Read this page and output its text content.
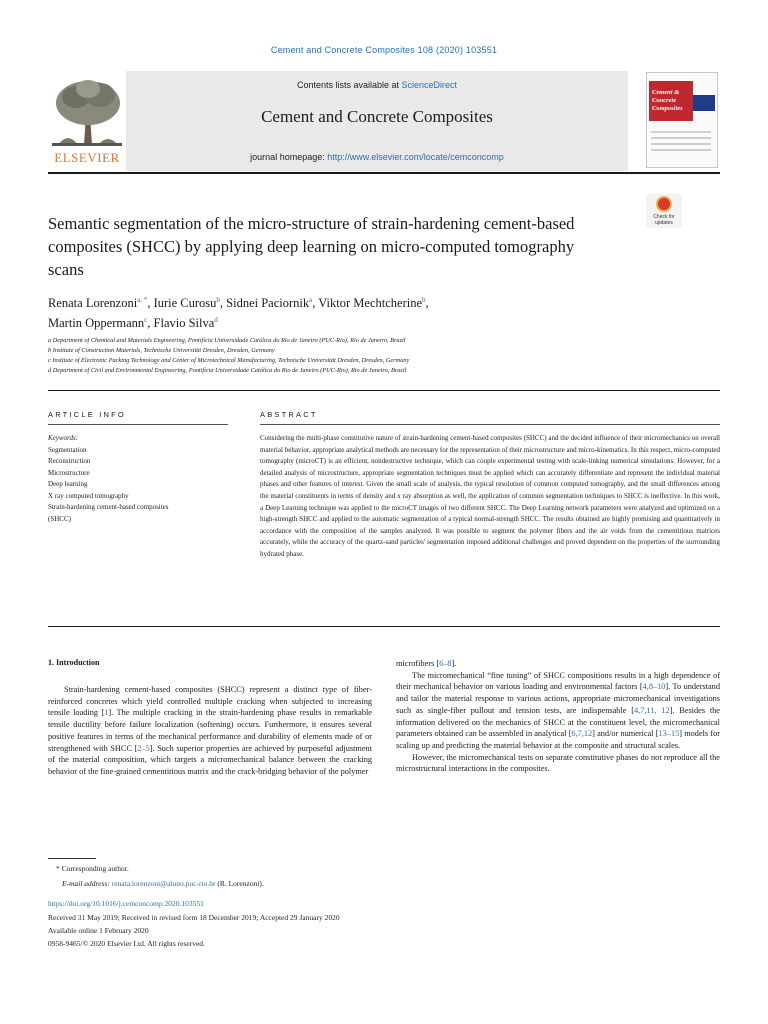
Cement and Concrete Composites 108 (2020) 103551
ELSEVIER
Contents lists available at ScienceDirect
Cement and Concrete Composites
journal homepage: http://www.elsevier.com/locate/cemconcomp
Cement &
Concrete
Composites
Check for
updates
Semantic segmentation of the micro-structure of strain-hardening cement-based composites (SHCC) by applying deep learning on micro-computed tomography scans
Renata Lorenzoni$^{a, *}$, Iurie Curosu$^b$, Sidnei Paciornik$^a$, Viktor Mechtcherine$^b$,
Martin Oppermann$^c$, Flavio Silva$^d$
a Department of Chemical and Materials Engineering, Pontifícia Universidade Católica do Rio de Janeiro (PUC-Rio), Rio de Janeiro, Brazil
b Institute of Construction Materials, Technische Universität Dresden, Dresden, Germany
c Institute of Electronic Packing Technology and Center of Microtechnical Manufacturing, Technische Universität Dresden, Dresden, Germany
d Department of Civil and Environmental Engineering, Pontifícia Universidade Católica do Rio de Janeiro (PUC-Rio), Rio de Janeiro, Brazil
ARTICLE INFO	ABSTRACT
Keywords:
Segmentation
Reconstruction
Microstructure
Deep learning
X ray computed tomography
Strain-hardening cement-based composites
(SHCC)
Considering the multi-phase constitutive nature of strain-hardening cement-based composites (SHCC) and the decided influence of their micromechanics on overall material behavior, appropriate analytical methods are necessary for the representation of their microstructure and micro-kinematics. In this respect, micro-computed tomography (microCT) is an efficient, nondestructive technique, which can couple experimental testing with scale-linking numerical simulations. However, for a detailed analysis of microstructure, appropriate segmentation techniques must be applied which can accurately differentiate and represent the individual material phases and other features of interest. Given the small scale of analysis, the typical resolution of common computed tomography, and the small differences among the material constituents in terms of density and x ray absorption as well, the application of common segmentation techniques to SHCC is ineffective. In this work, a Deep Learning technique was applied to the microCT images of two different SHCC. The Deep Learning network parameters were analyzed and optimized on a high-strength SHCC and applied to the automatic segmentation of a typical normal-strength SHCC. The results obtained are highly promising and quantitatively in accordance with the composition of the samples analyzed. It was possible to segment the polymer fibers and the air voids from the cementitious matrices accurately, while the accuracy of the quartz-sand particles' segmentation imposed additional challenges and proved dependent on the properties of the surrounding hydrated phase.
1. Introduction
Strain-hardening cement-based composites (SHCC) represent a distinct type of fiber-reinforced concretes which yield controlled multiple cracking when subjected to increasing tensile loading [1]. The multiple cracking in the strain-hardening phase results in remarkable tensile ductility before failure localization (softening) occurs. Furthermore, it ensures several positive features in terms of the mechanical performance and durability of elements made of or strengthened with SHCC [2–5]. Such superior properties are achieved by purposeful adjustment of the material composition, which targets a micromechanical balance between the cracking behavior of the fine-grained cementitious matrix and the crack-bridging behavior of the polymer
microfibers [6–8].
The micromechanical “fine tuning” of SHCC compositions results in a high dependence of their mechanical behavior on various loading and environmental factors [4,8–10]. To understand and tailor the material response to various actions, appropriate micromechanical investigations such as single-fiber pullout and tension tests, are indispensable [4,7,11, 12]. Besides the information delivered on the mechanics of SHCC at the constituent level, the micromechanical parameters obtained can be assembled in analytical [6,7,12] and/or numerical [13–15] models for scaling up and predicting the material behavior at the composite and structural scales.
However, the micromechanical tests on separate constitutive phases do not reproduce all the microstructural interactions in the composites.
* Corresponding author.
E-mail address: renata.lorenzoni@aluno.puc-rio.br (R. Lorenzoni).
https://doi.org/10.1016/j.cemconcomp.2020.103551
Received 31 May 2019; Received in revised form 18 December 2019; Accepted 29 January 2020
Available online 1 February 2020
0958-9465/© 2020 Elsevier Ltd. All rights reserved.
